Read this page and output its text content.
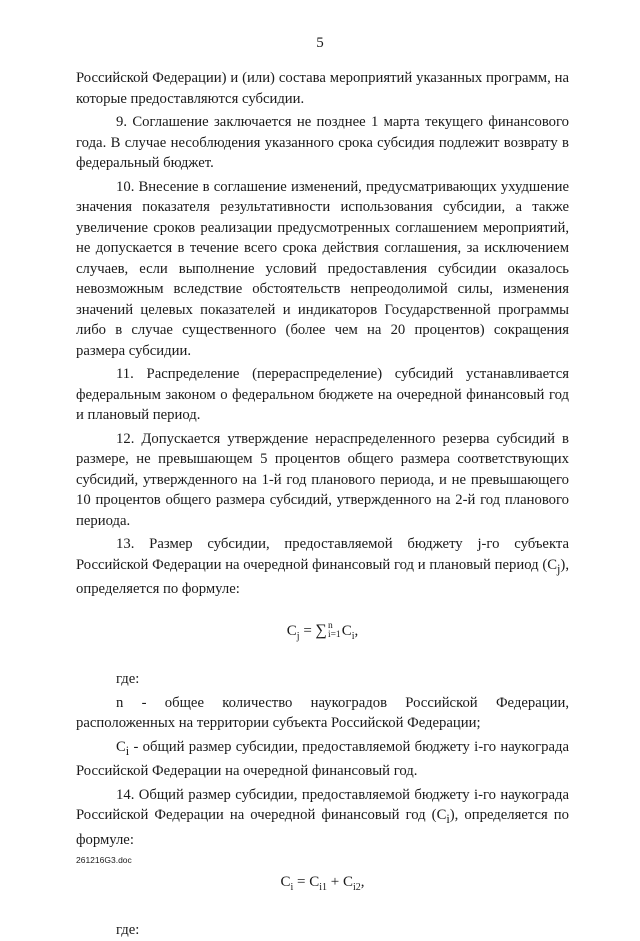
5

Российской Федерации) и (или) состава мероприятий указанных программ, на которые предоставляются субсидии.

9. Соглашение заключается не позднее 1 марта текущего финансового года. В случае несоблюдения указанного срока субсидия подлежит возврату в федеральный бюджет.

10. Внесение в соглашение изменений, предусматривающих ухудшение значения показателя результативности использования субсидии, а также увеличение сроков реализации предусмотренных соглашением мероприятий, не допускается в течение всего срока действия соглашения, за исключением случаев, если выполнение условий предоставления субсидии оказалось невозможным вследствие обстоятельств непреодолимой силы, изменения значений целевых показателей и индикаторов Государственной программы либо в случае существенного (более чем на 20 процентов) сокращения размера субсидии.

11. Распределение (перераспределение) субсидий устанавливается федеральным законом о федеральном бюджете на очередной финансовый год и плановый период.

12. Допускается утверждение нераспределенного резерва субсидий в размере, не превышающем 5 процентов общего размера соответствующих субсидий, утвержденного на 1-й год планового периода, и не превышающего 10 процентов общего размера субсидий, утвержденного на 2-й год планового периода.

13. Размер субсидии, предоставляемой бюджету j-го субъекта Российской Федерации на очередной финансовый год и плановый период $(C_j)$, определяется по формуле:

$C_j$ = ∑ n
i=1 $C_i$,

где:

n - общее количество наукоградов Российской Федерации, расположенных на территории субъекта Российской Федерации;

$C_i$ - общий размер субсидии, предоставляемой бюджету i-го наукограда Российской Федерации на очередной финансовый год.

14. Общий размер субсидии, предоставляемой бюджету i-го наукограда Российской Федерации на очередной финансовый год $(C_i)$, определяется по формуле:

$C_i = C_{i1} + C_{i2}$,

где:

261216G3.doc
